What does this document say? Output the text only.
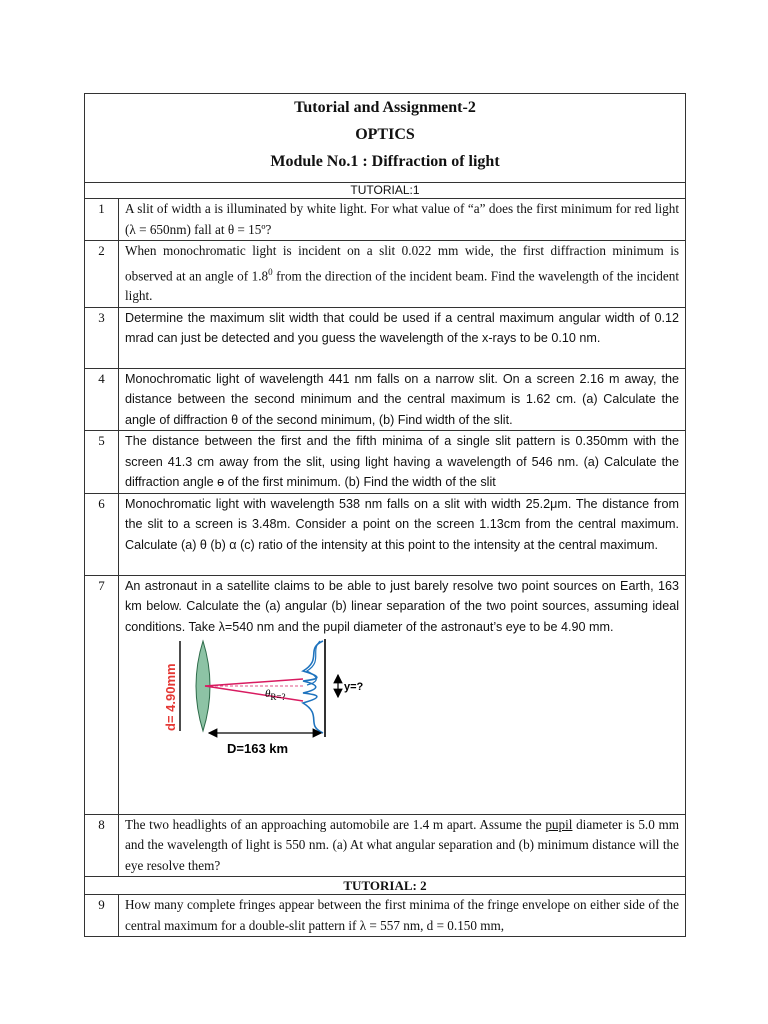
Tutorial and Assignment-2
OPTICS
Module No.1 : Diffraction of light	

TUTORIAL:1	
1	A slit of width a is illuminated by white light. For what value of “a” does the first minimum for red light (λ = 650nm) fall at θ = 15º?
2	When monochromatic light is incident on a slit 0.022 mm wide, the first diffraction minimum is observed at an angle of $1.8^0$ from the direction of the incident beam. Find the wavelength of the incident light.
3	Determine the maximum slit width that could be used if a central maximum angular width of 0.12 mrad can just be detected and you guess the wavelength of the x-rays to be 0.10 nm.
4	Monochromatic light of wavelength 441 nm falls on a narrow slit. On a screen 2.16 m away, the distance between the second minimum and the central maximum is 1.62 cm. (a) Calculate the angle of diffraction θ of the second minimum, (b) Find width of the slit.
5	The distance between the first and the fifth minima of a single slit pattern is 0.350mm with the screen 41.3 cm away from the slit, using light having a wavelength of 546 nm. (a) Calculate the diffraction angle ɵ of the first minimum. (b) Find the width of the slit
6	Monochromatic light with wavelength 538 nm falls on a slit with width 25.2μm. The distance from the slit to a screen is 3.48m. Consider a point on the screen 1.13cm from the central maximum. Calculate (a) θ (b) α (c) ratio of the intensity at this point to the intensity at the central maximum.
7	An astronaut in a satellite claims to be able to just barely resolve two point sources on Earth, 163 km below. Calculate the (a) angular (b) linear separation of the two point sources, assuming ideal conditions. Take λ=540 nm and the pupil diameter of the astronaut’s eye to be 4.90 mm.
y=?
$\theta_{R=?}$
d= 4.90mm
D=163 km

8	The two headlights of an approaching automobile are 1.4 m apart. Assume the pupil diameter is 5.0 mm and the wavelength of light is 550 nm. (a) At what angular separation and (b) minimum distance will the eye resolve them?
TUTORIAL: 2	
9	How many complete fringes appear between the first minima of the fringe envelope on either side of the central maximum for a double-slit pattern if λ = 557 nm, d = 0.150 mm,
